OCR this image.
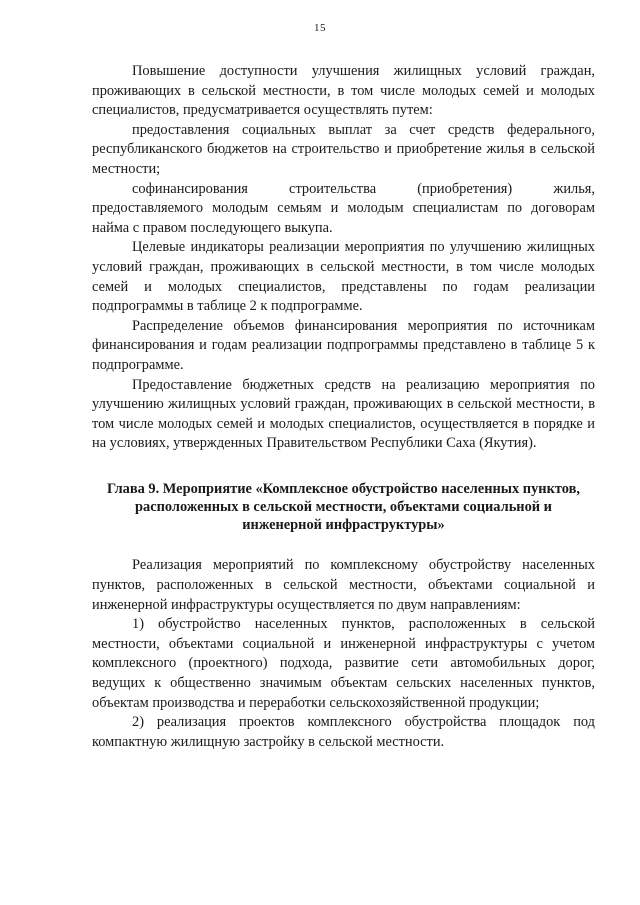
15

Повышение доступности улучшения жилищных условий граждан, проживающих в сельской местности, в том числе молодых семей и молодых специалистов, предусматривается осуществлять путем:

предоставления социальных выплат за счет средств федерального, республиканского бюджетов на строительство и приобретение жилья в сельской местности;

софинансирования строительства (приобретения) жилья, предоставляемого молодым семьям и молодым специалистам по договорам найма с правом последующего выкупа.

Целевые индикаторы реализации мероприятия по улучшению жилищных условий граждан, проживающих в сельской местности, в том числе молодых семей и молодых специалистов, представлены по годам реализации подпрограммы в таблице 2 к подпрограмме.

Распределение объемов финансирования мероприятия по источникам финансирования и годам реализации подпрограммы представлено в таблице 5 к подпрограмме.

Предоставление бюджетных средств на реализацию мероприятия по улучшению жилищных условий граждан, проживающих в сельской местности, в том числе молодых семей и молодых специалистов, осуществляется в порядке и на условиях, утвержденных Правительством Республики Саха (Якутия).

Глава 9. Мероприятие «Комплексное обустройство населенных пунктов, расположенных в сельской местности, объектами социальной и инженерной инфраструктуры»

Реализация мероприятий по комплексному обустройству населенных пунктов, расположенных в сельской местности, объектами социальной и инженерной инфраструктуры осуществляется по двум направлениям:

1) обустройство населенных пунктов, расположенных в сельской местности, объектами социальной и инженерной инфраструктуры с учетом комплексного (проектного) подхода, развитие сети автомобильных дорог, ведущих к общественно значимым объектам сельских населенных пунктов, объектам производства и переработки сельскохозяйственной продукции;

2) реализация проектов комплексного обустройства площадок под компактную жилищную застройку в сельской местности.
